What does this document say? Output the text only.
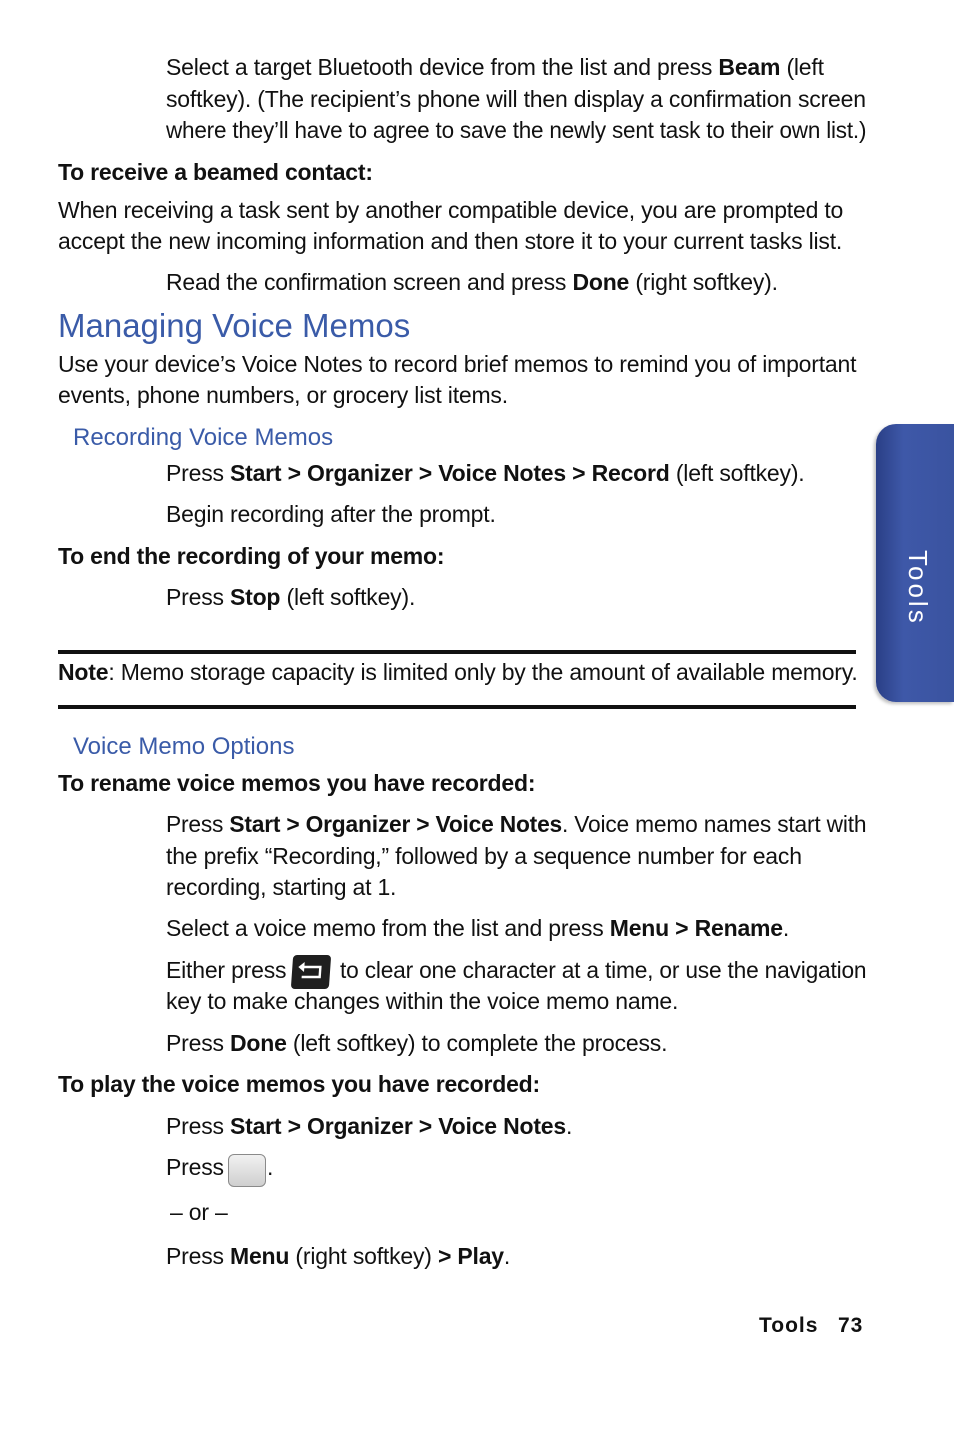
Select a target Bluetooth device from the list and press Beam (left
softkey). (The recipient’s phone will then display a confirmation screen
where they’ll have to agree to save the newly sent task to their own list.)
To receive a beamed contact:
When receiving a task sent by another compatible device, you are prompted to
accept the new incoming information and then store it to your current tasks list.
Read the confirmation screen and press Done (right softkey).
Managing Voice Memos
Use your device’s Voice Notes to record brief memos to remind you of important
events, phone numbers, or grocery list items.
Recording Voice Memos
Press Start > Organizer > Voice Notes > Record (left softkey).
Begin recording after the prompt.
To end the recording of your memo:
Press Stop (left softkey).
Note: Memo storage capacity is limited only by the amount of available memory.
Voice Memo Options
To rename voice memos you have recorded:
Press Start > Organizer > Voice Notes. Voice memo names start with
the prefix “Recording,” followed by a sequence number for each
recording, starting at 1.
Select a voice memo from the list and press Menu > Rename.
Either press to clear one character at a time, or use the navigation
key to make changes within the voice memo name.
Press Done (left softkey) to complete the process.
To play the voice memos you have recorded:
Press Start > Organizer > Voice Notes.
Press .
– or –
Press Menu (right softkey) > Play.
Tools
Tools 73
